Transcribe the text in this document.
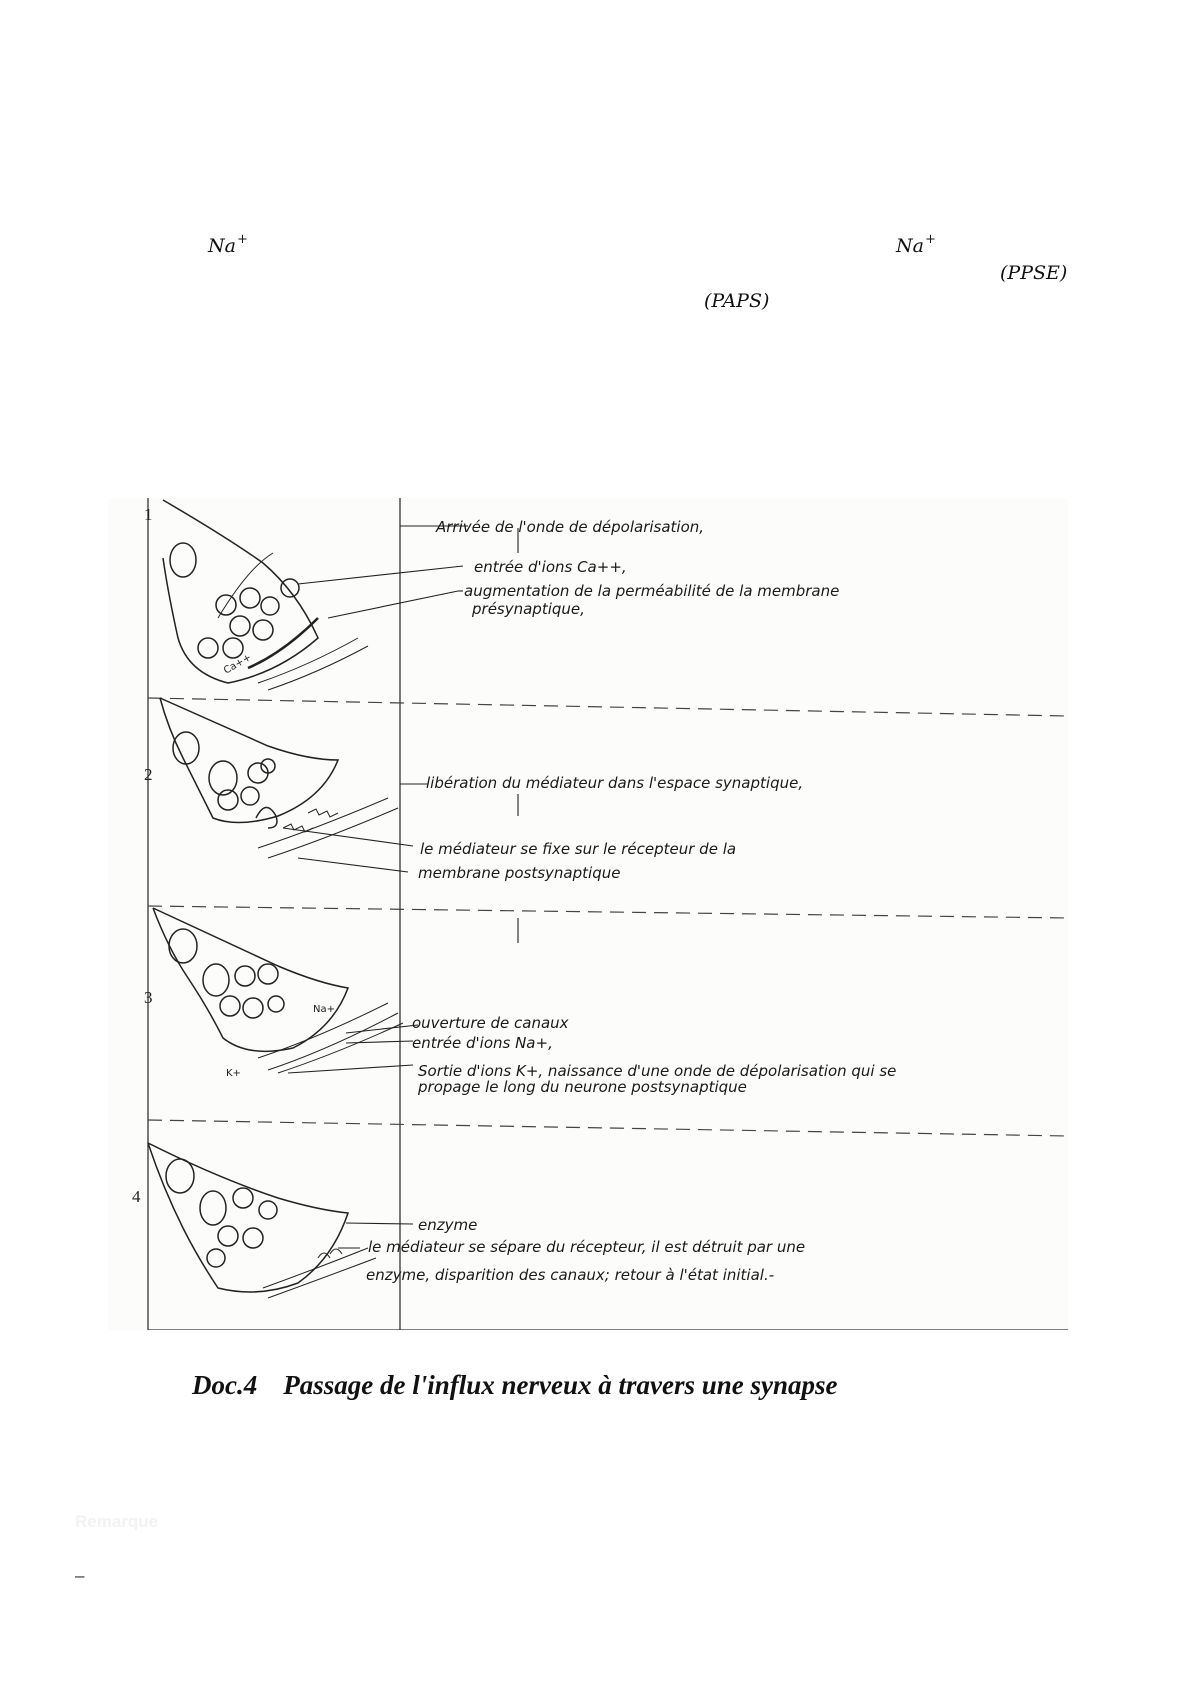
Na+	Na+
(PPSE)
(PAPS)
1
2
3
4
Ca++
Arrivée de l'onde de dépolarisation,
entrée d'ions Ca++,
augmentation de la perméabilité de la membrane
présynaptique,
libération du médiateur dans l'espace synaptique,
le médiateur se fixe sur le récepteur de la
membrane postsynaptique
Na+
K+
ouverture de canaux
entrée d'ions Na+,
Sortie d'ions K+, naissance d'une onde de dépolarisation qui se
propage le long du neurone postsynaptique
enzyme
le médiateur se sépare du récepteur, il est détruit par une
enzyme, disparition des canaux; retour à l'état initial.-
Doc.4 Passage de l'influx nerveux à travers une synapse
Remarque
–
